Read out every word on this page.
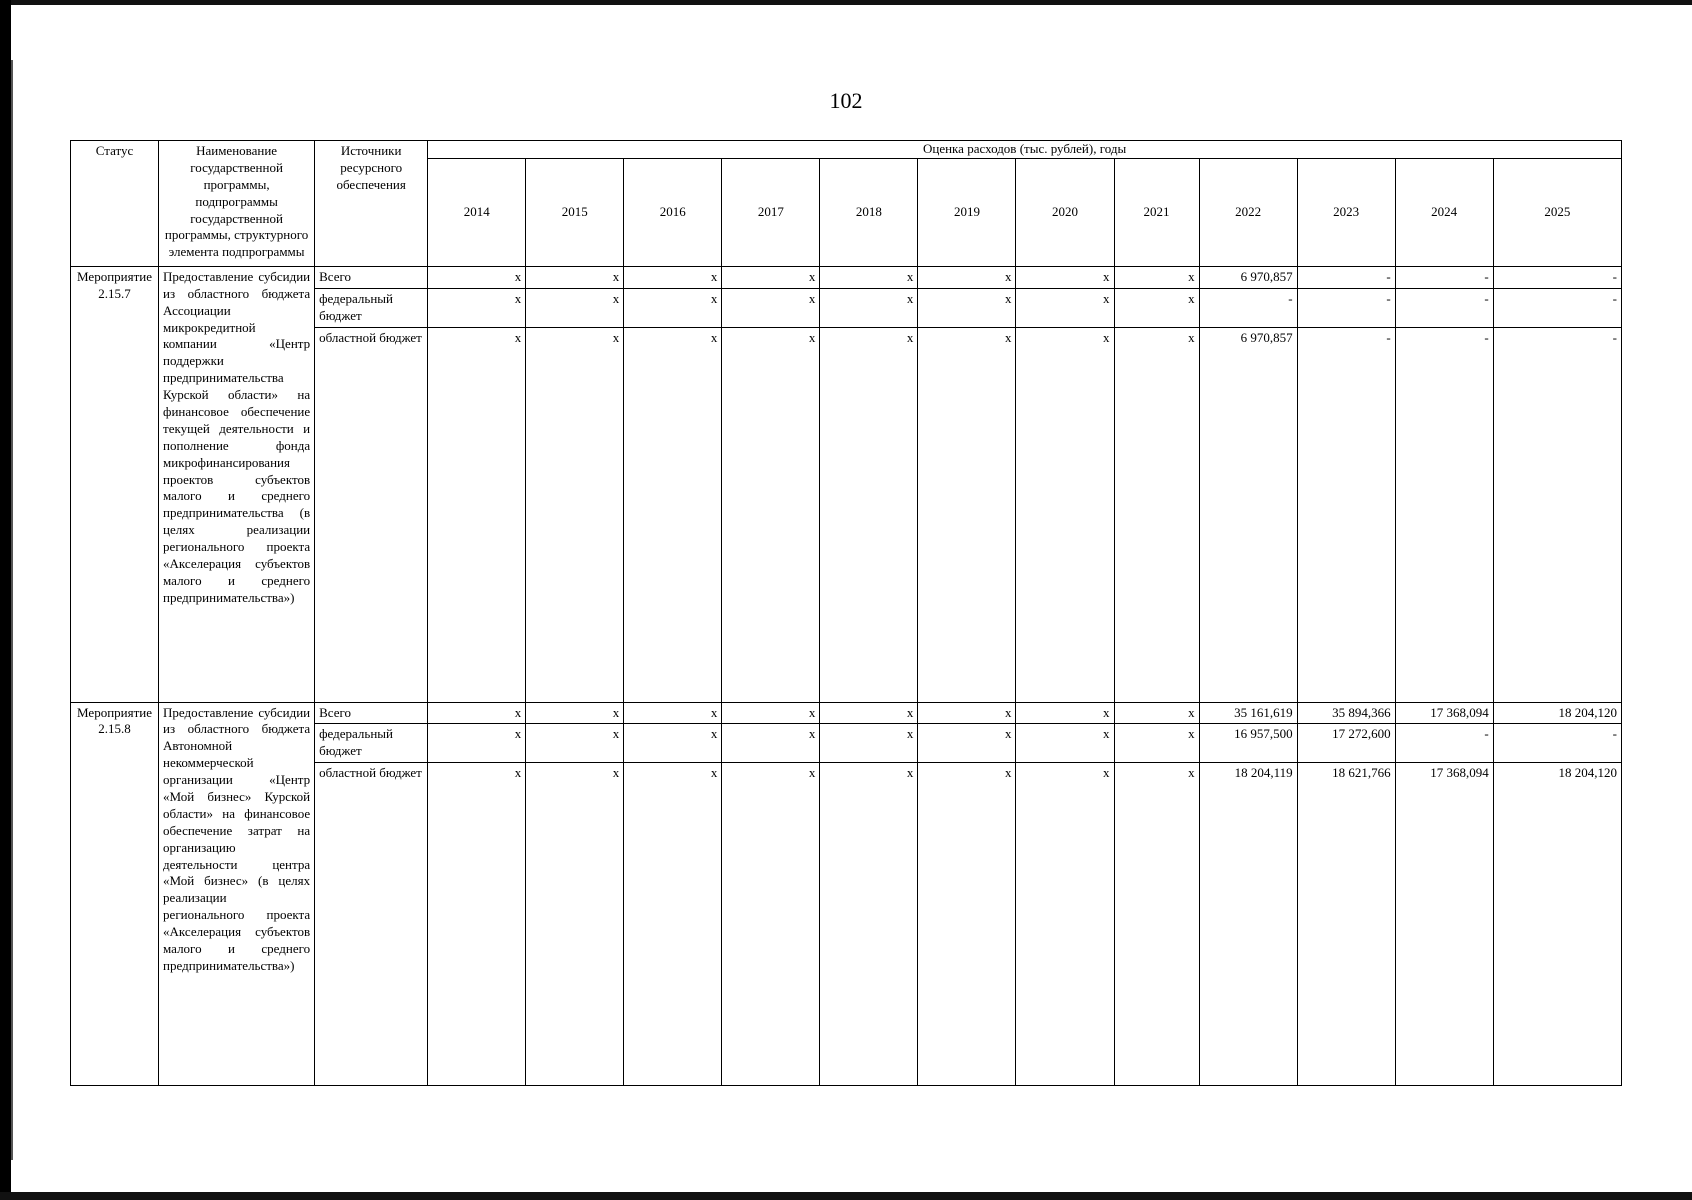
102
Статус	Наименование государственной программы, подпрограммы государственной программы, структурного элемента подпрограммы	Источники ресурсного обеспечения	Оценка расходов (тыс. рублей), годы											
			2014	2015	2016	2017	2018	2019	2020	2021	2022	2023	2024	2025
Мероприятие 2.15.7	Предоставление субсидии из областного бюджета Ассоциации микрокредитной компании «Центр поддержки предпринимательства Курской области» на финансовое обеспечение текущей деятельности и пополнение фонда микрофинансирования проектов субъектов малого и среднего предпринимательства (в целях реализации регионального проекта «Акселерация субъектов малого и среднего предпринимательства»)	Всего	x	x	x	x	x	x	x	x	6 970,857	-	-	-
		федеральный бюджет	x	x	x	x	x	x	x	x	-	-	-	-
		областной бюджет	x	x	x	x	x	x	x	x	6 970,857	-	-	-
Мероприятие 2.15.8	Предоставление субсидии из областного бюджета Автономной некоммерческой организации «Центр «Мой бизнес» Курской области» на финансовое обеспечение затрат на организацию деятельности центра «Мой бизнес» (в целях реализации регионального проекта «Акселерация субъектов малого и среднего предпринимательства»)	Всего	x	x	x	x	x	x	x	x	35 161,619	35 894,366	17 368,094	18 204,120
		федеральный бюджет	x	x	x	x	x	x	x	x	16 957,500	17 272,600	-	-
		областной бюджет	x	x	x	x	x	x	x	x	18 204,119	18 621,766	17 368,094	18 204,120
